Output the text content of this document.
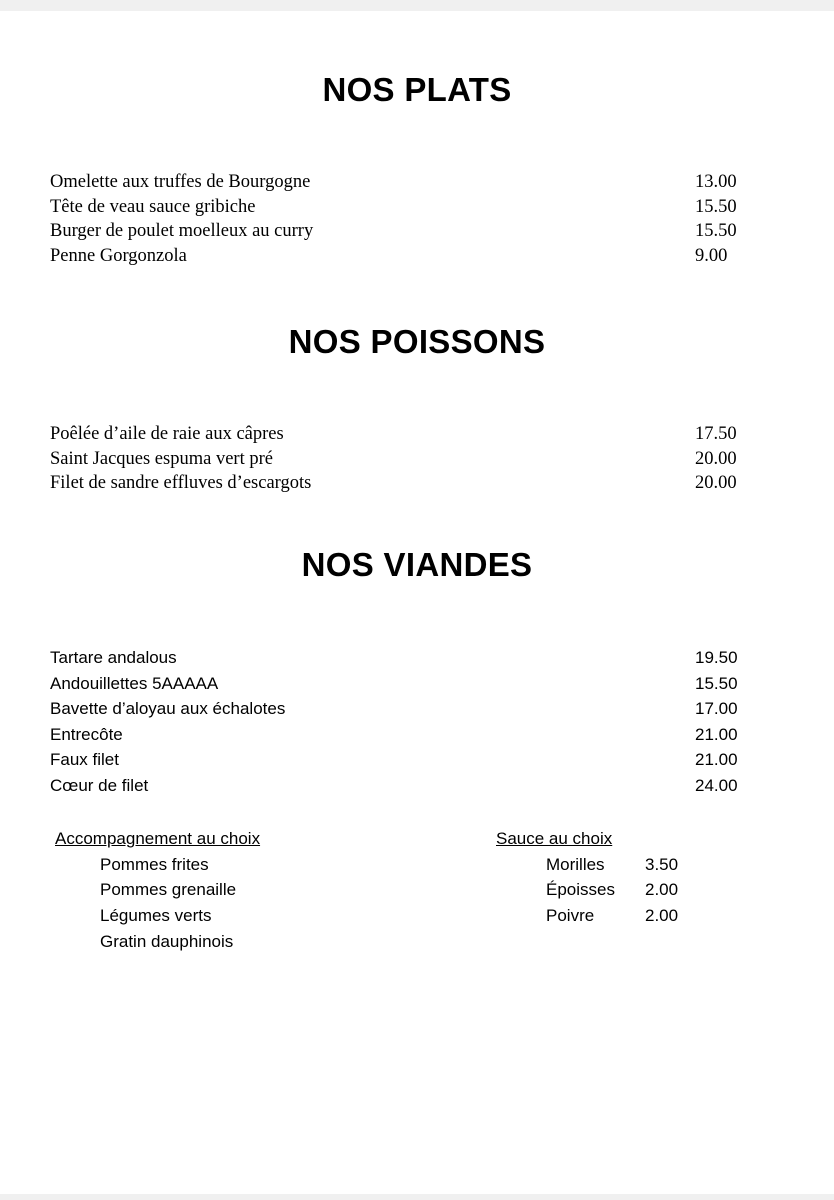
NOS PLATS
Omelette aux truffes de Bourgogne	13.00
Tête de veau sauce gribiche	15.50
Burger de poulet moelleux au curry	15.50
Penne Gorgonzola	9.00
NOS POISSONS
Poêlée d’aile de raie aux câpres	17.50
Saint Jacques espuma vert pré	20.00
Filet de sandre effluves d’escargots	20.00
NOS VIANDES
Tartare andalous	19.50
Andouillettes 5AAAAA	15.50
Bavette d’aloyau aux échalotes	17.00
Entrecôte	21.00
Faux filet	21.00
Cœur de filet	24.00
Accompagnement au choix
Pommes frites
Pommes grenaille
Légumes verts
Gratin dauphinois
Sauce au choix
Morilles 3.50
Époisses 2.00
Poivre	2.00
